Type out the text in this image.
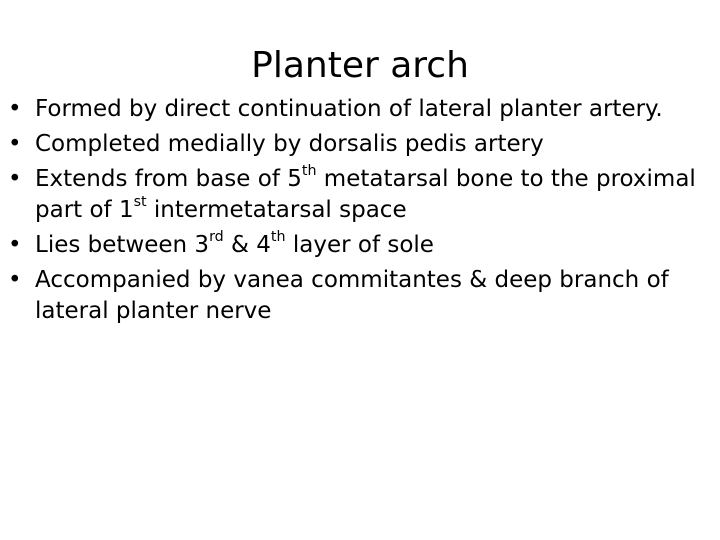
Planter arch
• Formed by direct continuation of lateral planter artery.
• Completed medially by dorsalis pedis artery
• Extends from base of 5th metatarsal bone to the proximal part of 1st intermetatarsal space
• Lies between 3rd & 4th layer of sole
• Accompanied by vanea commitantes & deep branch of lateral planter nerve
